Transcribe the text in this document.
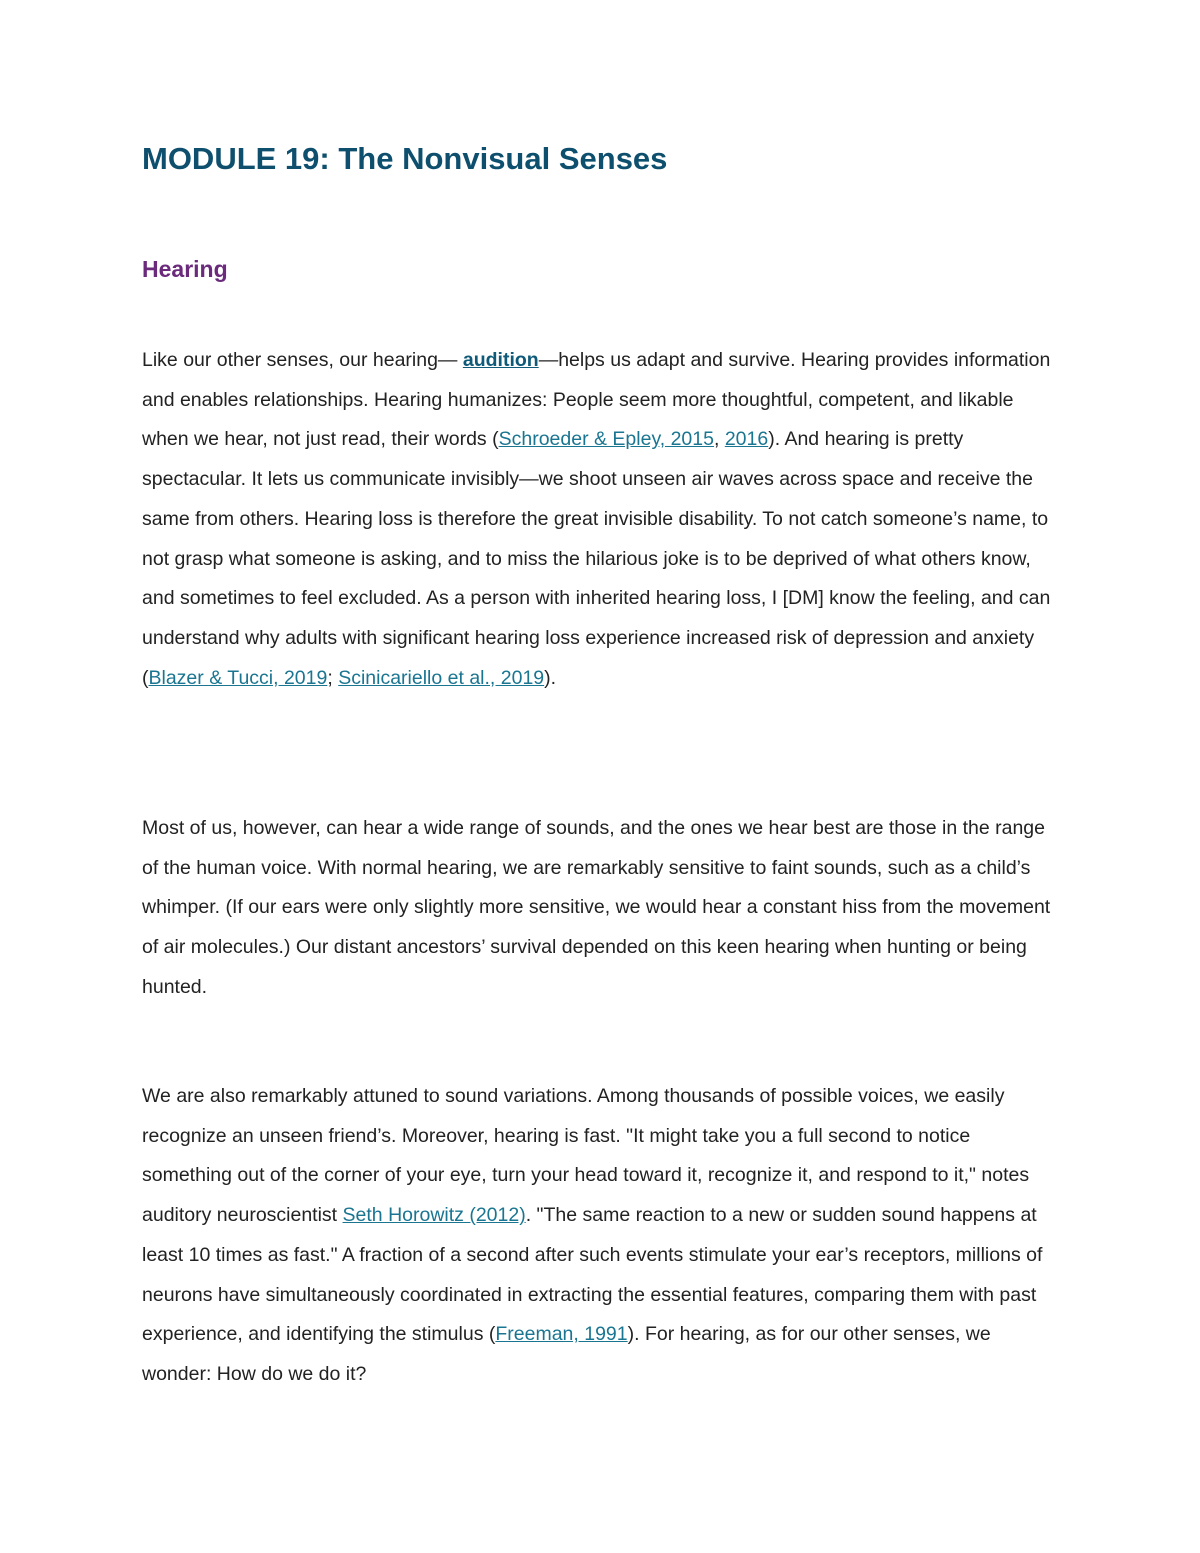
MODULE 19: The Nonvisual Senses
Hearing

Like our other senses, our hearing— audition—helps us adapt and survive. Hearing provides information and enables relationships. Hearing humanizes: People seem more thoughtful, competent, and likable when we hear, not just read, their words (Schroeder & Epley, 2015, 2016). And hearing is pretty spectacular. It lets us communicate invisibly—we shoot unseen air waves across space and receive the same from others. Hearing loss is therefore the great invisible disability. To not catch someone’s name, to not grasp what someone is asking, and to miss the hilarious joke is to be deprived of what others know, and sometimes to feel excluded. As a person with inherited hearing loss, I [DM] know the feeling, and can understand why adults with significant hearing loss experience increased risk of depression and anxiety (Blazer & Tucci, 2019; Scinicariello et al., 2019).

Most of us, however, can hear a wide range of sounds, and the ones we hear best are those in the range of the human voice. With normal hearing, we are remarkably sensitive to faint sounds, such as a child’s whimper. (If our ears were only slightly more sensitive, we would hear a constant hiss from the movement of air molecules.) Our distant ancestors’ survival depended on this keen hearing when hunting or being hunted.

We are also remarkably attuned to sound variations. Among thousands of possible voices, we easily recognize an unseen friend’s. Moreover, hearing is fast. "It might take you a full second to notice something out of the corner of your eye, turn your head toward it, recognize it, and respond to it," notes auditory neuroscientist Seth Horowitz (2012). "The same reaction to a new or sudden sound happens at least 10 times as fast." A fraction of a second after such events stimulate your ear’s receptors, millions of neurons have simultaneously coordinated in extracting the essential features, comparing them with past experience, and identifying the stimulus (Freeman, 1991). For hearing, as for our other senses, we wonder: How do we do it?
